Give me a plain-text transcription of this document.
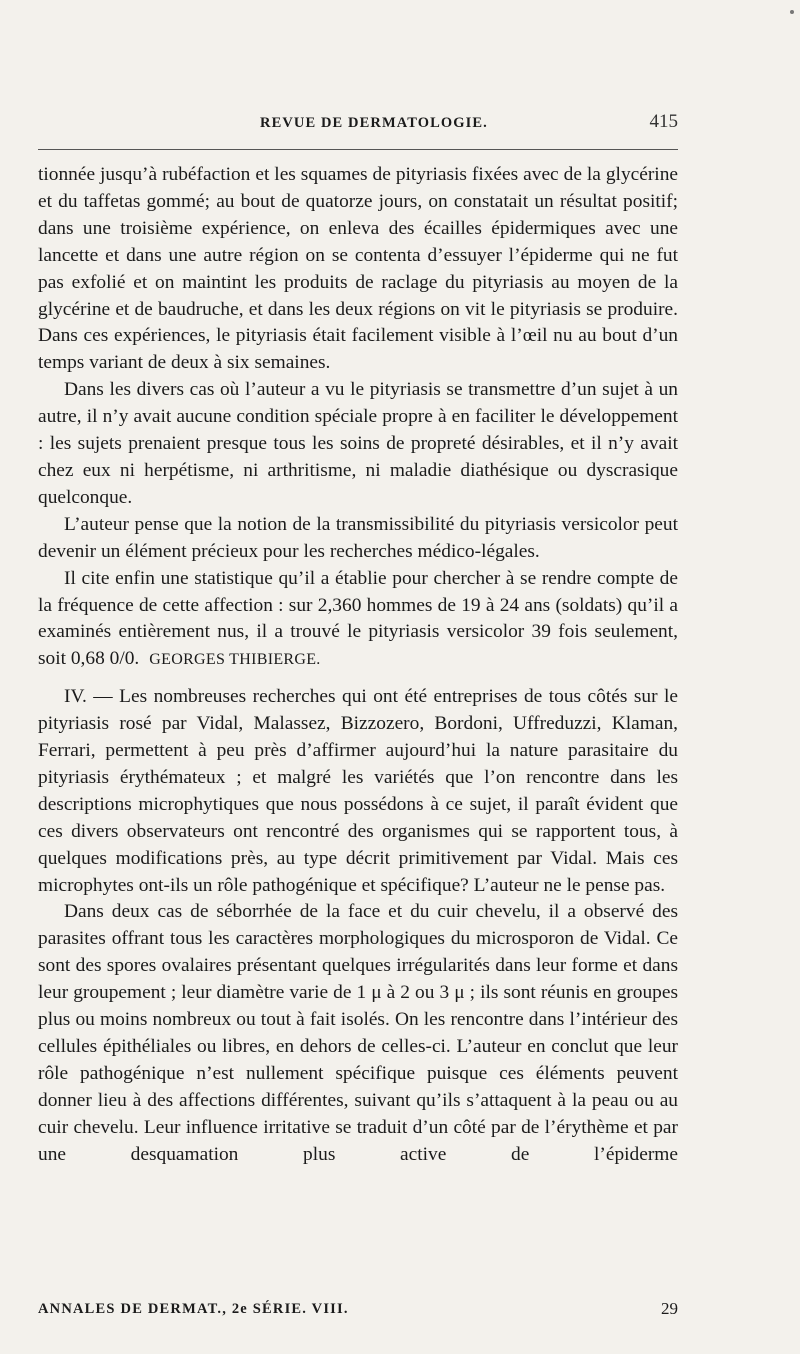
REVUE DE DERMATOLOGIE.	415

tionnée jusqu’à rubéfaction et les squames de pityriasis fixées avec de la glycérine et du taffetas gommé; au bout de quatorze jours, on constatait un résultat positif; dans une troisième expérience, on enleva des écailles épidermiques avec une lancette et dans une autre région on se contenta d’essuyer l’épiderme qui ne fut pas exfolié et on maintint les produits de raclage du pityriasis au moyen de la glycérine et de baudruche, et dans les deux régions on vit le pityriasis se produire. Dans ces expériences, le pityriasis était facilement visible à l’œil nu au bout d’un temps variant de deux à six semaines.

Dans les divers cas où l’auteur a vu le pityriasis se transmettre d’un sujet à un autre, il n’y avait aucune condition spéciale propre à en faciliter le développement : les sujets prenaient presque tous les soins de propreté désirables, et il n’y avait chez eux ni herpétisme, ni arthritisme, ni maladie diathésique ou dyscrasique quelconque.

L’auteur pense que la notion de la transmissibilité du pityriasis versicolor peut devenir un élément précieux pour les recherches médico-légales.

Il cite enfin une statistique qu’il a établie pour chercher à se rendre compte de la fréquence de cette affection : sur 2,360 hommes de 19 à 24 ans (soldats) qu’il a examinés entièrement nus, il a trouvé le pityriasis versicolor 39 fois seulement, soit 0,68 0/0. GEORGES THIBIERGE.

IV. — Les nombreuses recherches qui ont été entreprises de tous côtés sur le pityriasis rosé par Vidal, Malassez, Bizzozero, Bordoni, Uffreduzzi, Klaman, Ferrari, permettent à peu près d’affirmer aujourd’hui la nature parasitaire du pityriasis érythémateux ; et malgré les variétés que l’on rencontre dans les descriptions microphytiques que nous possédons à ce sujet, il paraît évident que ces divers observateurs ont rencontré des organismes qui se rapportent tous, à quelques modifications près, au type décrit primitivement par Vidal. Mais ces microphytes ont-ils un rôle pathogénique et spécifique? L’auteur ne le pense pas.

Dans deux cas de séborrhée de la face et du cuir chevelu, il a observé des parasites offrant tous les caractères morphologiques du microsporon de Vidal. Ce sont des spores ovalaires présentant quelques irrégularités dans leur forme et dans leur groupement ; leur diamètre varie de 1 μ à 2 ou 3 μ ; ils sont réunis en groupes plus ou moins nombreux ou tout à fait isolés. On les rencontre dans l’intérieur des cellules épithéliales ou libres, en dehors de celles-ci. L’auteur en conclut que leur rôle pathogénique n’est nullement spécifique puisque ces éléments peuvent donner lieu à des affections différentes, suivant qu’ils s’attaquent à la peau ou au cuir chevelu. Leur influence irritative se traduit d’un côté par de l’érythème et par une desquamation plus active de l’épiderme

ANNALES DE DERMAT., 2e SÉRIE. VIII.	29
